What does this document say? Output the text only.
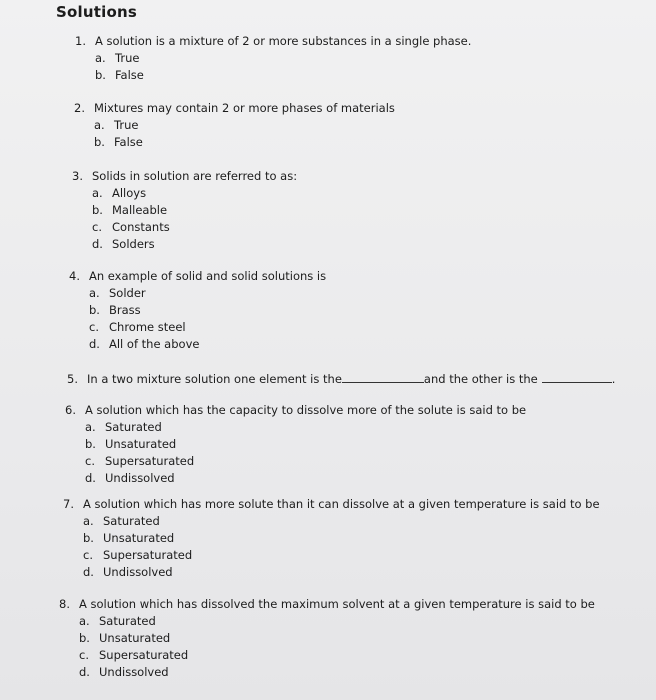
Solutions
1. A solution is a mixture of 2 or more substances in a single phase.
a. True
b. False
2. Mixtures may contain 2 or more phases of materials
a. True
b. False
3. Solids in solution are referred to as:
a. Alloys
b. Malleable
c. Constants
d. Solders
4. An example of solid and solid solutions is
a. Solder
b. Brass
c. Chrome steel
d. All of the above
5. In a two mixture solution one element is the	and the other is the	.
6. A solution which has the capacity to dissolve more of the solute is said to be
a. Saturated
b. Unsaturated
c. Supersaturated
d. Undissolved
7. A solution which has more solute than it can dissolve at a given temperature is said to be
a. Saturated
b. Unsaturated
c. Supersaturated
d. Undissolved
8. A solution which has dissolved the maximum solvent at a given temperature is said to be
a. Saturated
b. Unsaturated
c. Supersaturated
d. Undissolved
